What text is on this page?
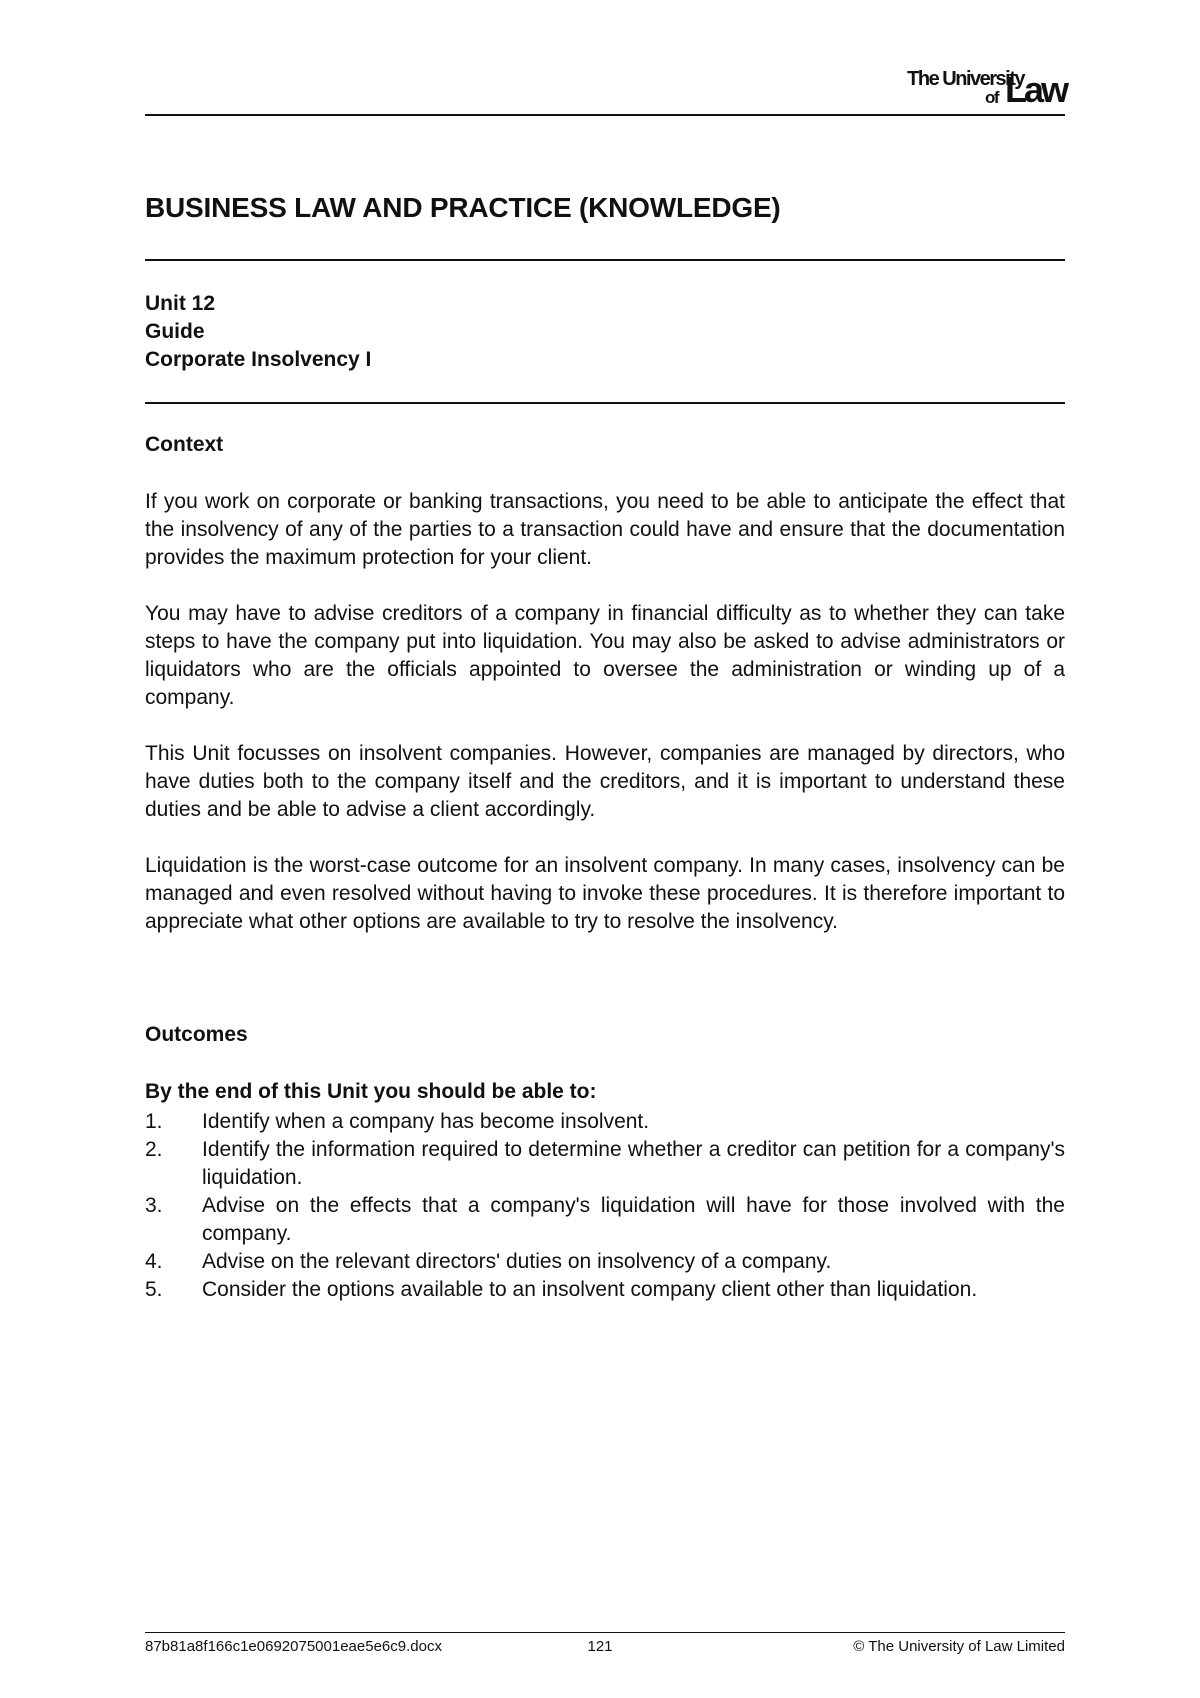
The University
of Law
BUSINESS LAW AND PRACTICE (KNOWLEDGE)
Unit 12
Guide
Corporate Insolvency I
Context
If you work on corporate or banking transactions, you need to be able to anticipate the effect that the insolvency of any of the parties to a transaction could have and ensure that the documentation provides the maximum protection for your client.
You may have to advise creditors of a company in financial difficulty as to whether they can take steps to have the company put into liquidation. You may also be asked to advise administrators or liquidators who are the officials appointed to oversee the administration or winding up of a company.
This Unit focusses on insolvent companies. However, companies are managed by directors, who have duties both to the company itself and the creditors, and it is important to understand these duties and be able to advise a client accordingly.
Liquidation is the worst-case outcome for an insolvent company. In many cases, insolvency can be managed and even resolved without having to invoke these procedures. It is therefore important to appreciate what other options are available to try to resolve the insolvency.
Outcomes
By the end of this Unit you should be able to:
1. Identify when a company has become insolvent.
2. Identify the information required to determine whether a creditor can petition for a company's liquidation.
3. Advise on the effects that a company's liquidation will have for those involved with the company.
4. Advise on the relevant directors' duties on insolvency of a company.
5. Consider the options available to an insolvent company client other than liquidation.
87b81a8f166c1e0692075001eae5e6c9.docx	121	© The University of Law Limited
